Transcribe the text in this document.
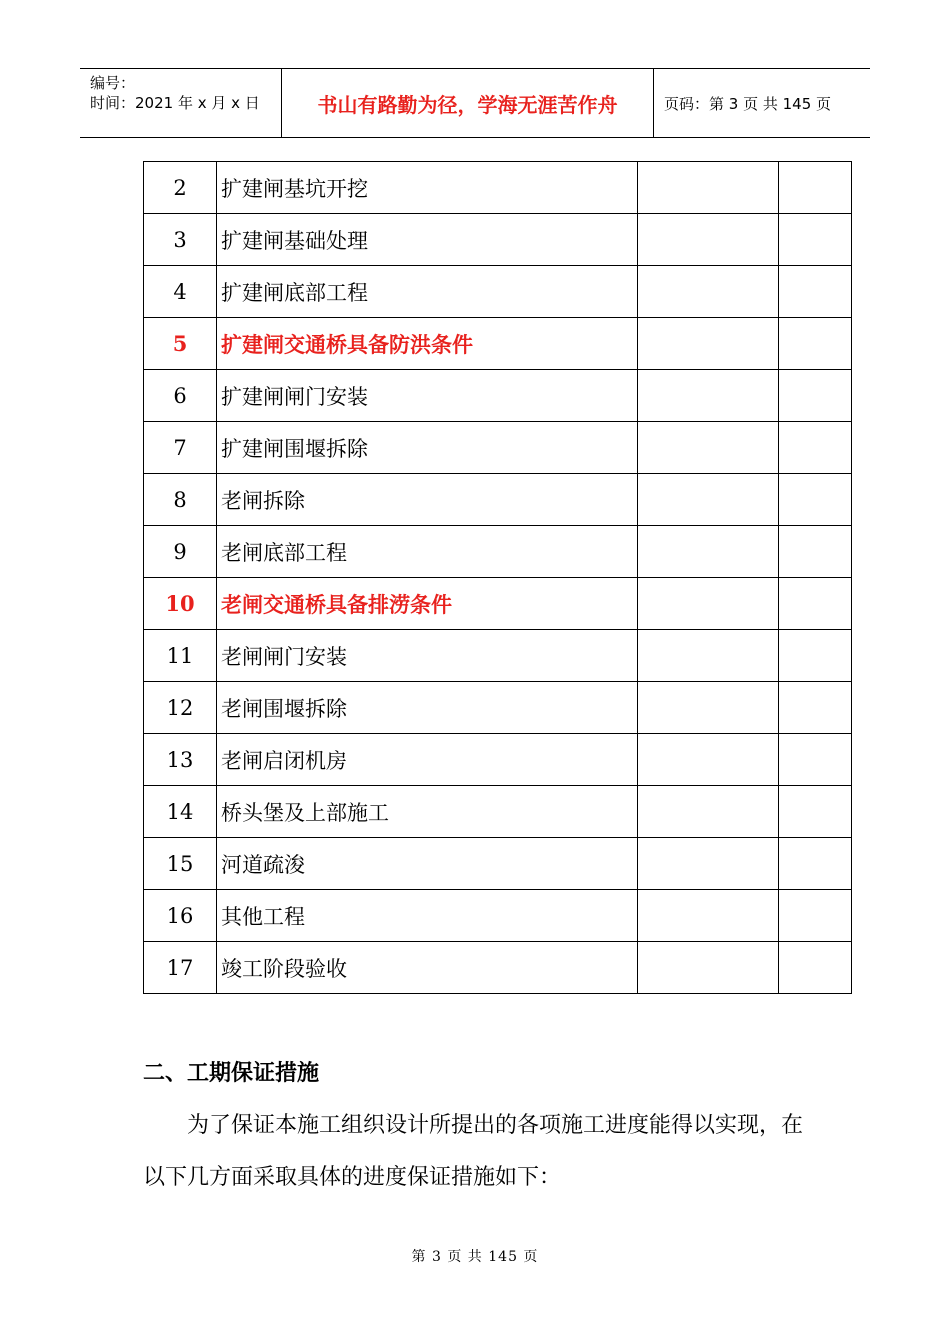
编号：
时间：2021 年 x 月 x 日	书山有路勤为径，学海无涯苦作舟	页码：第 3 页 共 145 页
2	扩建闸基坑开挖		
3	扩建闸基础处理		
4	扩建闸底部工程		
5	扩建闸交通桥具备防洪条件		
6	扩建闸闸门安装		
7	扩建闸围堰拆除		
8	老闸拆除		
9	老闸底部工程		
10	老闸交通桥具备排涝条件		
11	老闸闸门安装		
12	老闸围堰拆除		
13	老闸启闭机房		
14	桥头堡及上部施工		
15	河道疏浚		
16	其他工程		
17	竣工阶段验收		
二、工期保证措施
为了保证本施工组织设计所提出的各项施工进度能得以实现，在以下几方面采取具体的进度保证措施如下：
第 3 页 共 145 页
